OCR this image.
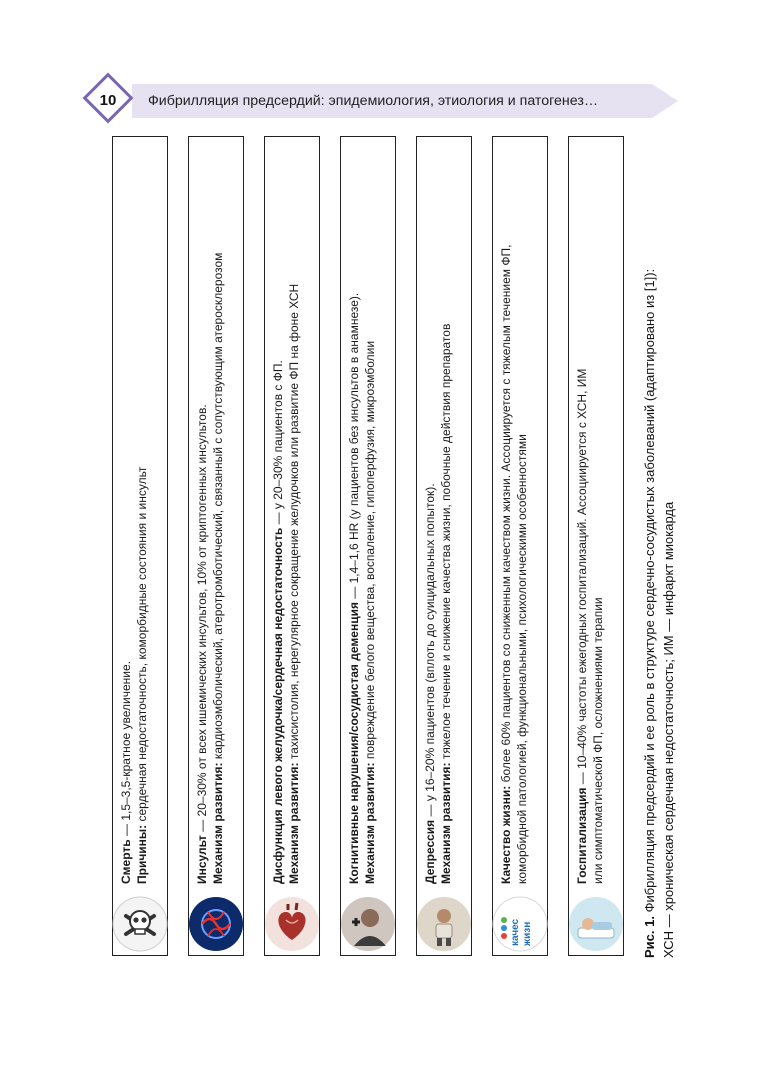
Фибрилляция предсердий: эпидемиология, этиология и патогенез…
10
Смерть — 1,5–3,5-кратное увеличение.
Причины: сердечная недостаточность, коморбидные состояния и инсульт
Инсульт — 20–30% от всех ишемических инсультов, 10% от криптогенных инсультов. Механизм развития: кардиоэмболический, атеротромботический, связанный с сопутствующим атеросклерозом	Дисфункция левого желудочка/сердечная недостаточность — у 20–30% пациентов с ФП.
Механизм развития: тахисистолия, нерегулярное сокращение желудочков или развитие ФП на фоне ХСН	Когнитивные нарушения/сосудистая деменция — 1,4–1,6 HR (у пациентов без инсультов в анамнезе).
Механизм развития: повреждение белого вещества, воспаление, гипоперфузия, микроэмболии
Депрессия — у 16–20% пациентов (вплоть до суицидальных попыток).
Механизм развития: тяжелое течение и снижение качества жизни, побочные действия препаратов
качес жизн
Качество жизни: более 60% пациентов со сниженным качеством жизни. Ассоциируется с тяжелым течением ФП, коморбидной патологией, функциональными, психологическими особенностями	Госпитализация — 10–40% частоты ежегодных госпитализаций. Ассоциируется с ХСН, ИМ или симптоматической ФП, осложнениями терапии
Рис. 1. Фибрилляция предсердий и ее роль в структуре сердечно-сосудистых заболеваний (адаптировано из [1]): ХСН — хроническая сердечная недостаточность; ИМ — инфаркт миокарда
